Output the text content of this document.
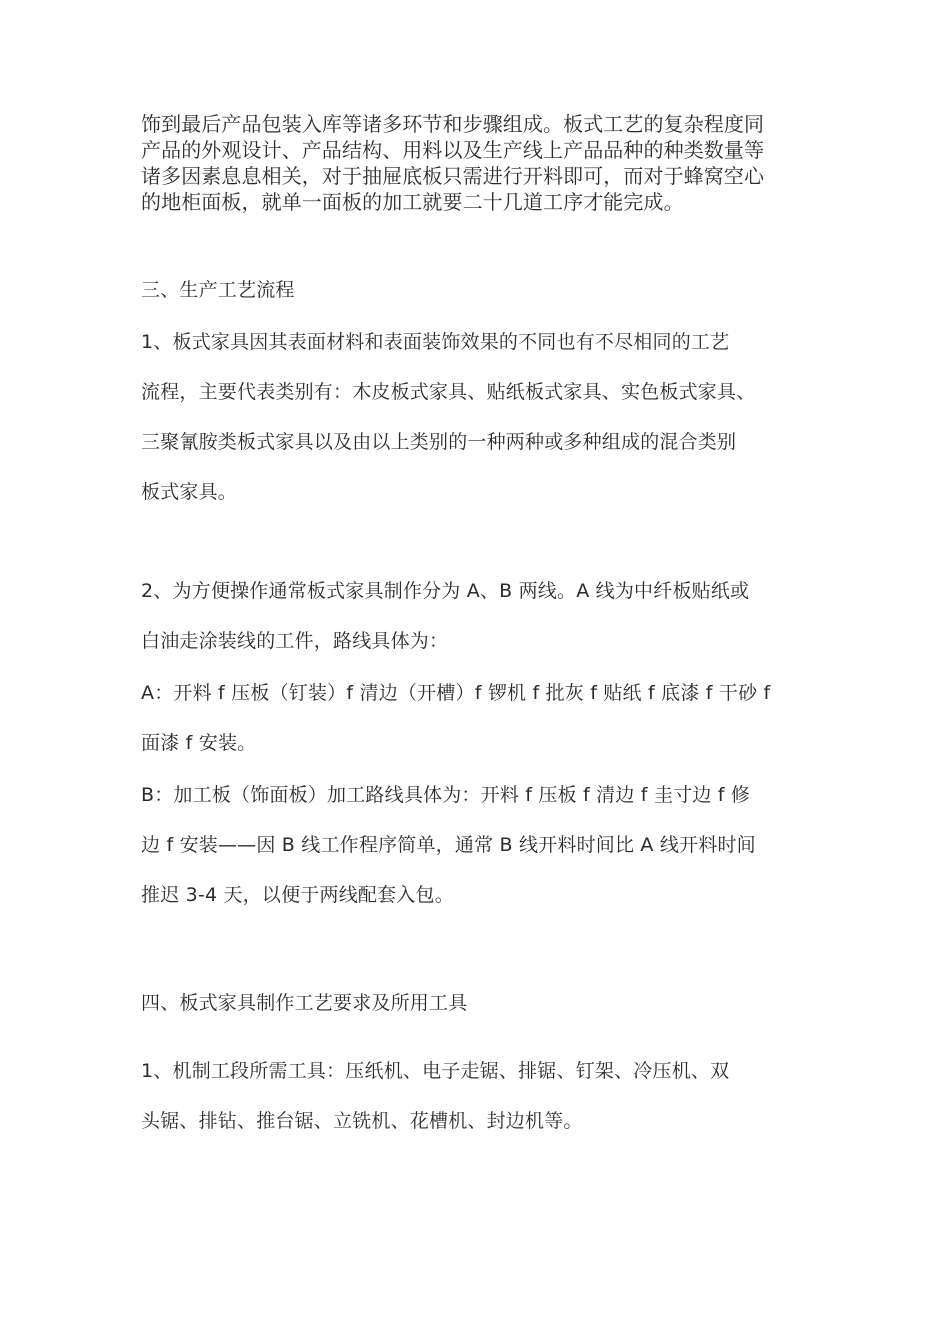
饰到最后产品包装入库等诸多环节和步骤组成。板式工艺的复杂程度同
产品的外观设计、产品结构、用料以及生产线上产品品种的种类数量等
诸多因素息息相关，对于抽屉底板只需进行开料即可，而对于蜂窝空心
的地柜面板，就单一面板的加工就要二十几道工序才能完成。
三、生产工艺流程
1、板式家具因其表面材料和表面装饰效果的不同也有不尽相同的工艺
流程，主要代表类别有：木皮板式家具、贴纸板式家具、实色板式家具、
三聚氰胺类板式家具以及由以上类别的一种两种或多种组成的混合类别
板式家具。
2、为方便操作通常板式家具制作分为 A、B 两线。A 线为中纤板贴纸或
白油走涂装线的工件，路线具体为：
A：开料 f 压板（钉装）f 清边（开槽）f 锣机 f 批灰 f 贴纸 f 底漆 f 干砂 f
面漆 f 安装。
B：加工板（饰面板）加工路线具体为：开料 f 压板 f 清边 f 圭寸边 f 修
边 f 安装——因 B 线工作程序简单，通常 B 线开料时间比 A 线开料时间
推迟 3-4 天，以便于两线配套入包。
四、板式家具制作工艺要求及所用工具
1、机制工段所需工具：压纸机、电子走锯、排锯、钉架、冷压机、双
头锯、排钻、推台锯、立铣机、花槽机、封边机等。
